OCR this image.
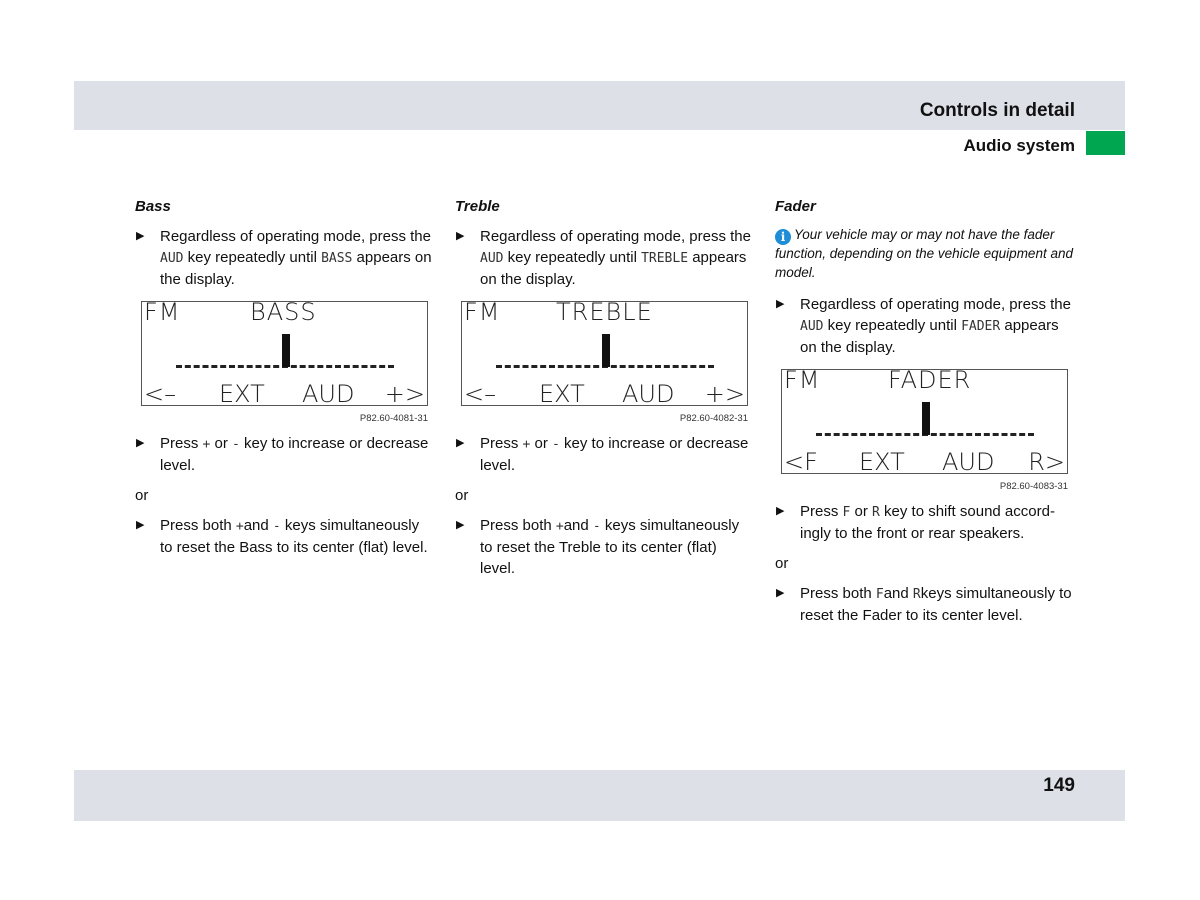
Controls in detail
Audio system
Bass

▶ Regardless of operating mode, press the AUD key repeatedly until BASS appears on the display.

FM	BASS
<– EXT AUD +>
P82.60-4081-31

▶ Press + or - key to increase or decrease level.

or

▶ Press both +and - keys simultaneously to reset the Bass to its center (flat) level.

Treble

▶ Regardless of operating mode, press the AUD key repeatedly until TREBLE appears on the display.

FM TREBLE
<– EXT AUD +>
P82.60-4082-31

▶ Press + or - key to increase or decrease level.

or

▶ Press both +and - keys simultaneously to reset the Treble to its center (flat) level.

Fader

i Your vehicle may or may not have the fader function, depending on the vehicle equipment and model.

▶ Regardless of operating mode, press the AUD key repeatedly until FADER appears on the display.

FM	FADER
<F EXT AUD R>
P82.60-4083-31

▶ Press F or R key to shift sound accord-ingly to the front or rear speakers.

or

▶ Press both Fand Rkeys simultaneously to reset the Fader to its center level.

149
